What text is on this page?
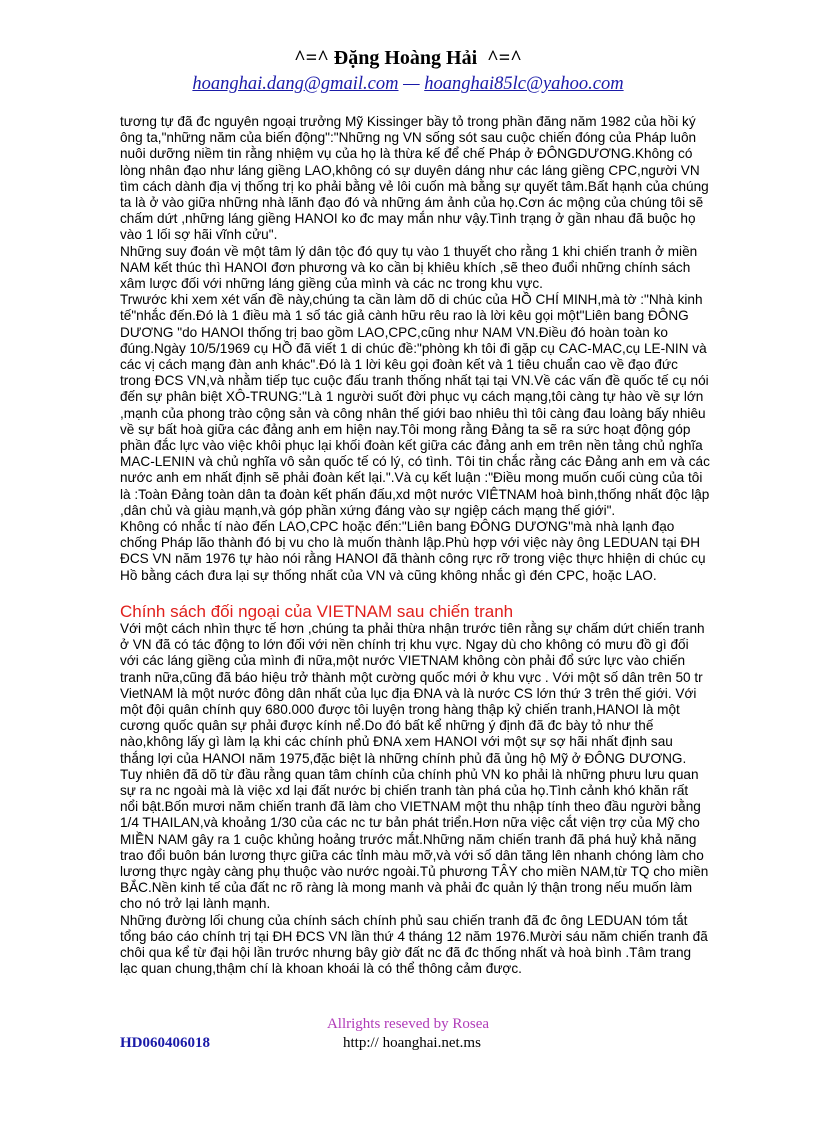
^=^ Đặng Hoàng Hải  ^=^
hoanghai.dang@gmail.com — hoanghai85lc@yahoo.com

tương tự đã đc nguyên ngoại trưởng Mỹ Kissinger bầy tỏ trong phần đăng năm 1982 của hồi ký ông ta,"những năm của biến động":"Những ng VN sống sót sau cuộc chiến đóng của Pháp luôn nuôi dưỡng niềm tin rằng nhiệm vụ của họ là thừa kế để chế Pháp ở ĐÔNGDƯƠNG.Không có lòng nhân đạo như láng giềng LAO,không có sự duyên dáng như các láng giềng CPC,người VN tìm cách dành địa vị thống trị ko phải bằng vẻ lôi cuốn mà bằng sự quyết tâm.Bất hạnh của chúng ta là ở vào giữa những nhà lãnh đạo đó và những ám ảnh của họ.Cơn ác mộng của chúng tôi sẽ chấm dứt ,những láng giềng HANOI ko đc may mắn như vậy.Tình trạng ở gần nhau đã buộc họ vào 1 lối sợ hãi vĩnh cửu".

Những suy đoán về một tâm lý dân tộc đó quy tụ vào 1 thuyết cho rằng 1 khi chiến tranh ở miền NAM kết thúc thì HANOI đơn phương và ko cần bị khiêu khích ,sẽ theo đuổi những chính sách xâm lược đối với những láng giềng của mình và các nc trong khu vực.

Trwước khi xem xét vấn đề này,chúng ta cần làm dõ di chúc của HỒ CHÍ MINH,mà tờ :"Nhà kinh tế"nhắc đến.Đó là 1 điều mà 1 số tác giả cành hữu rêu rao là lời kêu gọi một"Liên bang ĐÔNG DƯƠNG "do HANOI thống trị bao gồm LAO,CPC,cũng như NAM VN.Điều đó hoàn toàn ko đúng.Ngày 10/5/1969 cụ HỒ đã viết 1 di chúc đề:"phòng kh tôi đi gặp cụ CAC-MAC,cụ LE-NIN và các vị cách mạng đàn anh khác".Đó là 1 lời kêu gọi đoàn kết và 1 tiêu chuẩn cao về đạo đức trong ĐCS VN,và nhằm tiếp tục cuộc đấu tranh thống nhất tại tại VN.Về các vấn đề quốc tế cụ nói đến sự phân biệt XÔ-TRUNG:"Là 1 người suốt đời phục vụ cách mạng,tôi càng tự hào về sự lớn ,mạnh của phong trào cộng sản và công nhân thế giới bao nhiêu thì tôi càng đau loàng bấy nhiêu về sự bất hoà giữa các đảng anh em hiện nay.Tôi mong rằng Đảng ta sẽ ra sức hoạt động góp phần đắc lực vào việc khôi phục lại khối đoàn kết giữa các đảng anh em trên nền tảng chủ nghĩa MAC-LENIN và chủ nghĩa vô sản quốc tế có lý, có tình. Tôi tin chắc rằng các Đảng anh em và các nước anh em nhất định sẽ phải đoàn kết lại.".Và cụ kết luận :"Điều mong muốn cuối cùng của tôi là :Toàn Đảng toàn dân ta đoàn kết phấn đấu,xd một nước VIÊTNAM hoà bình,thống nhất độc lập ,dân chủ và giàu mạnh,và góp phần xứng đáng vào sự ngiệp cách mạng thế giới".

Không có nhắc tí nào đến LAO,CPC hoặc đến:"Liên bang ĐÔNG DƯƠNG"mà nhà lạnh đạo chống Pháp lão thành đó bị vu cho là muốn thành lập.Phù hợp với việc này ông LEDUAN tại ĐH ĐCS VN năm 1976 tự hào nói rằng HANOI đã thành công rực rỡ trong việc thực hhiện di chúc cụ Hồ bằng cách đưa lại sự thống nhất của VN và cũng không nhắc gì đén CPC, hoặc LAO.

Chính sách đối ngoại của VIETNAM sau chiến tranh

Với một cách nhìn thực tế hơn ,chúng ta phải thừa nhận trước tiên rằng sự chấm dứt chiến tranh ở VN đã có tác động to lớn đối với nền chính trị khu vực. Ngay dù cho không có mưu đồ gì đối với các láng giềng của mình đi nữa,một nước VIETNAM không còn phải đổ sức lực vào chiến tranh nữa,cũng đã báo hiệu trở thành một cường quốc mới ở khu vực . Với một số dân trên 50 tr VietNAM là một nước đông dân nhất của lục địa ĐNA và là nước CS lớn thứ 3 trên thế giới. Với một đội quân chính quy 680.000 được tôi luyện trong hàng thập kỷ chiến tranh,HANOI là một cương quốc quân sự phải được kính nể.Do đó bất kể những ý định đã đc bày tỏ như thế nào,không lấy gì làm lạ khi các chính phủ ĐNA xem HANOI với một sự sợ hãi nhất định sau thắng lợi của HANOI năm 1975,đặc biệt là những chính phủ đã ủng hộ Mỹ ở ĐÔNG DƯƠNG. Tuy nhiên đã dõ từ đầu rằng quan tâm chính của chính phủ VN ko phải là những phưu lưu quan sự ra nc ngoài mà là việc xd lại đất nước bị chiến tranh tàn phá của họ.Tình cảnh khó khăn rất nổi bật.Bốn mươi năm chiến tranh đã làm cho VIETNAM một thu nhập tính theo đầu người bằng 1/4 THAILAN,và khoảng 1/30 của các nc tư bản phát triển.Hơn nữa việc cắt viện trợ của Mỹ cho MIỀN NAM gây ra 1 cuộc khủng hoảng trước mắt.Những năm chiến tranh đã phá huỷ khả năng trao đổi buôn bán lương thực giữa các tỉnh màu mỡ,và với số dân tăng lên nhanh chóng làm cho lương thực ngày càng phụ thuộc vào nước ngoài.Tủ phương TÂY cho miền NAM,từ TQ cho miền BẮC.Nền kinh tế của đất nc rõ ràng là mong manh và phải đc quản lý thận trong nếu muốn làm cho nó trở lại lành mạnh.

Những đường lối chung của chính sách chính phủ sau chiến tranh đã đc ông LEDUAN tóm tắt tổng báo cáo chính trị tại ĐH ĐCS VN lần thứ 4 tháng 12 năm 1976.Mười sáu năm chiến tranh đã chôi qua kể từ đại hội lần trước nhưng bây giờ đất nc đã đc thống nhất và hoà bình .Tâm trang lạc quan chung,thậm chí là khoan khoái là có thể thông cảm được.

Allrights reseved by Rosea
HD060406018	http:// hoanghai.net.ms
